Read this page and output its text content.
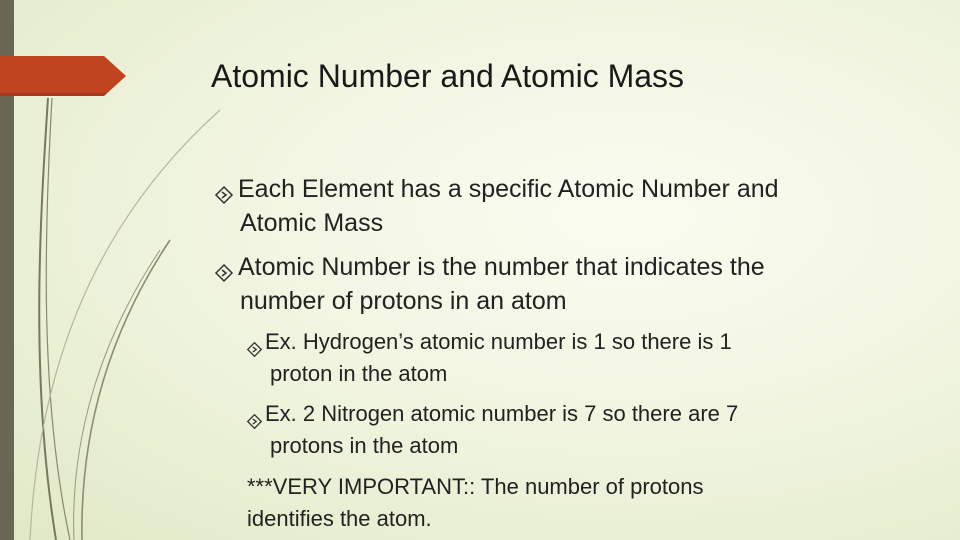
Atomic Number and Atomic Mass
Each Element has a specific Atomic Number and
Atomic Mass
Atomic Number is the number that indicates the
number of protons in an atom
Ex. Hydrogen’s atomic number is 1 so there is 1
proton in the atom
Ex. 2 Nitrogen atomic number is 7 so there are 7
protons in the atom
***VERY IMPORTANT:: The number of protons
identifies the atom.
